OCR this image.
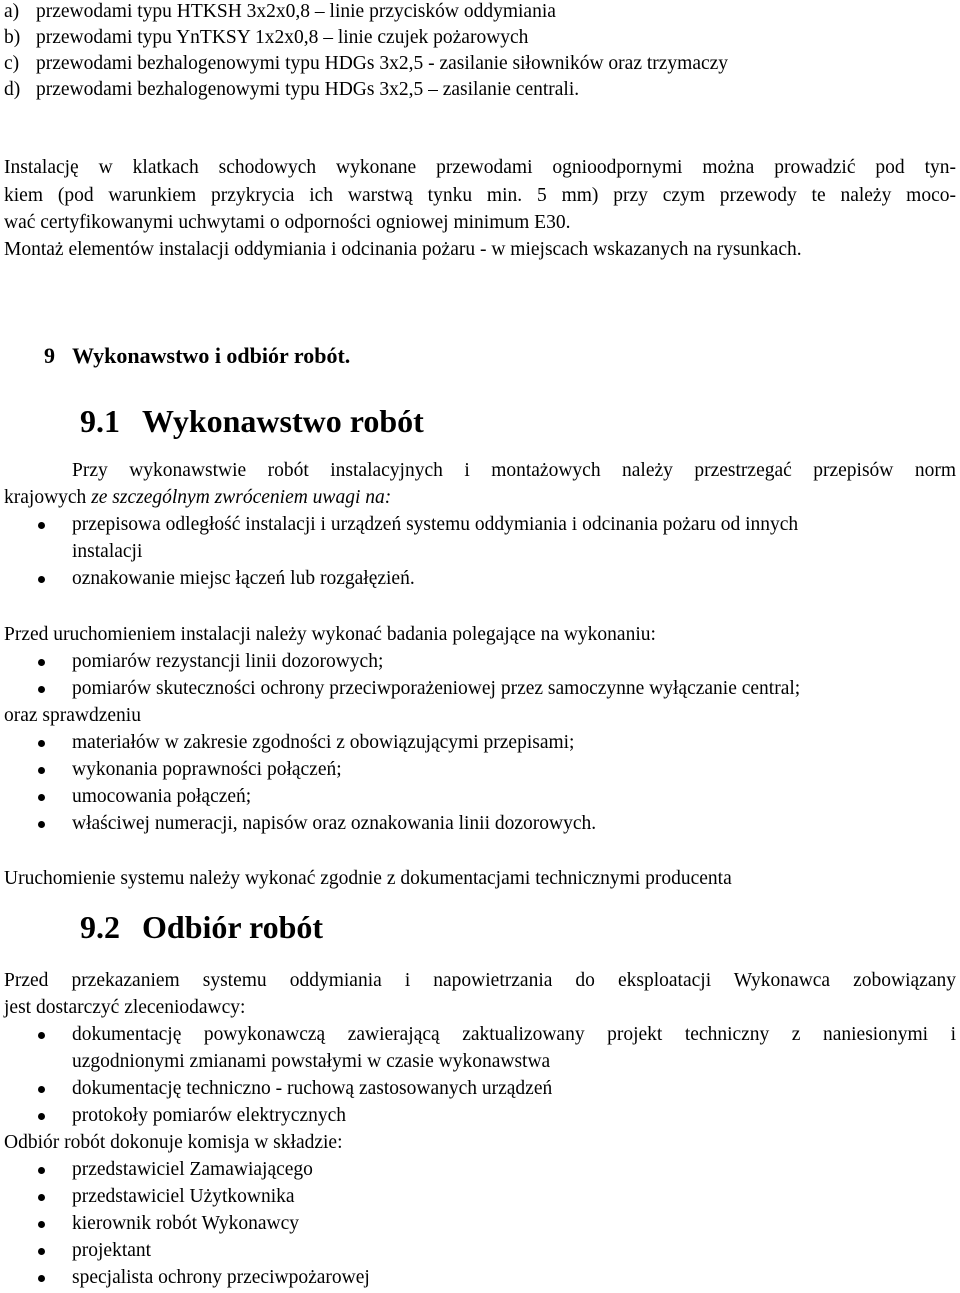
a) przewodami typu HTKSH 3x2x0,8 – linie przycisków oddymiania
b) przewodami typu YnTKSY 1x2x0,8 – linie czujek pożarowych
c) przewodami bezhalogenowymi typu HDGs 3x2,5 - zasilanie siłowników oraz trzymaczy
d) przewodami bezhalogenowymi typu HDGs 3x2,5 – zasilanie centrali.
Instalację w klatkach schodowych wykonane przewodami ognioodpornymi można prowadzić pod tyn-
kiem (pod warunkiem przykrycia ich warstwą tynku min. 5 mm) przy czym przewody te należy moco-
wać certyfikowanymi uchwytami o odporności ogniowej minimum E30.
Montaż elementów instalacji oddymiania i odcinania pożaru - w miejscach wskazanych na rysunkach.
9 Wykonawstwo i odbiór robót.
9.1 Wykonawstwo robót
Przy wykonawstwie robót instalacyjnych i montażowych należy przestrzegać przepisów norm
krajowych ze szczególnym zwróceniem uwagi na:
przepisowa odległość instalacji i urządzeń systemu oddymiania i odcinania pożaru od innych
instalacji
oznakowanie miejsc łączeń lub rozgałęzień.
Przed uruchomieniem instalacji należy wykonać badania polegające na wykonaniu:
pomiarów rezystancji linii dozorowych;
pomiarów skuteczności ochrony przeciwporażeniowej przez samoczynne wyłączanie central;
oraz sprawdzeniu
materiałów w zakresie zgodności z obowiązującymi przepisami;
wykonania poprawności połączeń;
umocowania połączeń;
właściwej numeracji, napisów oraz oznakowania linii dozorowych.
Uruchomienie systemu należy wykonać zgodnie z dokumentacjami technicznymi producenta
9.2 Odbiór robót
Przed przekazaniem systemu oddymiania i napowietrzania do eksploatacji Wykonawca zobowiązany
jest dostarczyć zleceniodawcy:
dokumentację powykonawczą zawierającą zaktualizowany projekt techniczny z naniesionymi i
uzgodnionymi zmianami powstałymi w czasie wykonawstwa
dokumentację techniczno - ruchową zastosowanych urządzeń
protokoły pomiarów elektrycznych
Odbiór robót dokonuje komisja w składzie:
przedstawiciel Zamawiającego
przedstawiciel Użytkownika
kierownik robót Wykonawcy
projektant
specjalista ochrony przeciwpożarowej
